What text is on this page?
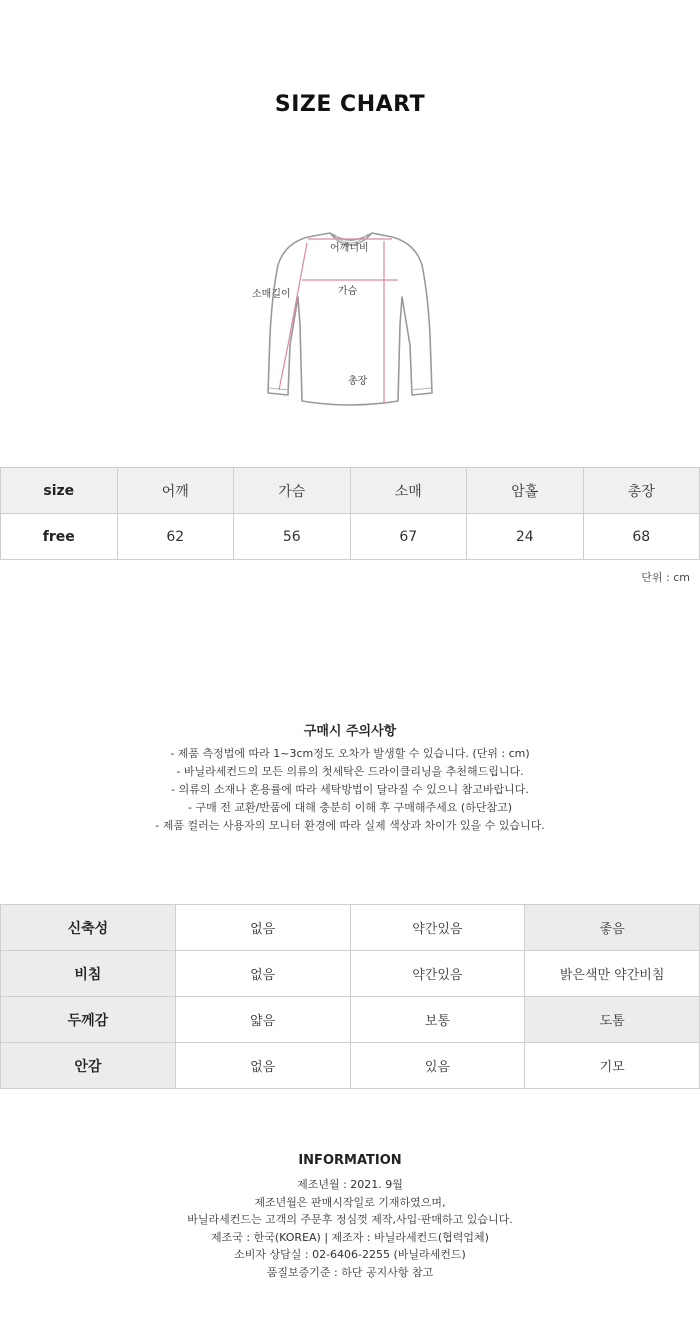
SIZE CHART
어깨너비
소매길이	가슴
총장
size	어깨	가슴	소매	암홀	총장
free	62	56	67	24	68
단위 : cm
구매시 주의사항
- 제품 측정법에 따라 1~3cm정도 오차가 발생할 수 있습니다. (단위 : cm)
- 바닐라세컨드의 모든 의류의 첫세탁은 드라이클리닝을 추천해드립니다.
- 의류의 소재나 혼용률에 따라 세탁방법이 달라질 수 있으니 참고바랍니다.
- 구매 전 교환/반품에 대해 충분히 이해 후 구매해주세요 (하단참고)
- 제품 컬러는 사용자의 모니터 환경에 따라 실제 색상과 차이가 있을 수 있습니다.
신축성	없음	약간있음	좋음
비침	없음	약간있음	밝은색만 약간비침
두께감	얇음	보통	도톰
안감	없음	있음	기모
INFORMATION
제조년월 : 2021. 9월
제조년월은 판매시작일로 기재하였으며,
바닐라세컨드는 고객의 주문후 정심껏 제작,사입·판매하고 있습니다.
제조국 : 한국(KOREA) | 제조자 : 바닐라세컨드(협력업체)
소비자 상담실 : 02-6406-2255 (바닐라세컨드)
품질보증기준 : 하단 공지사항 참고
